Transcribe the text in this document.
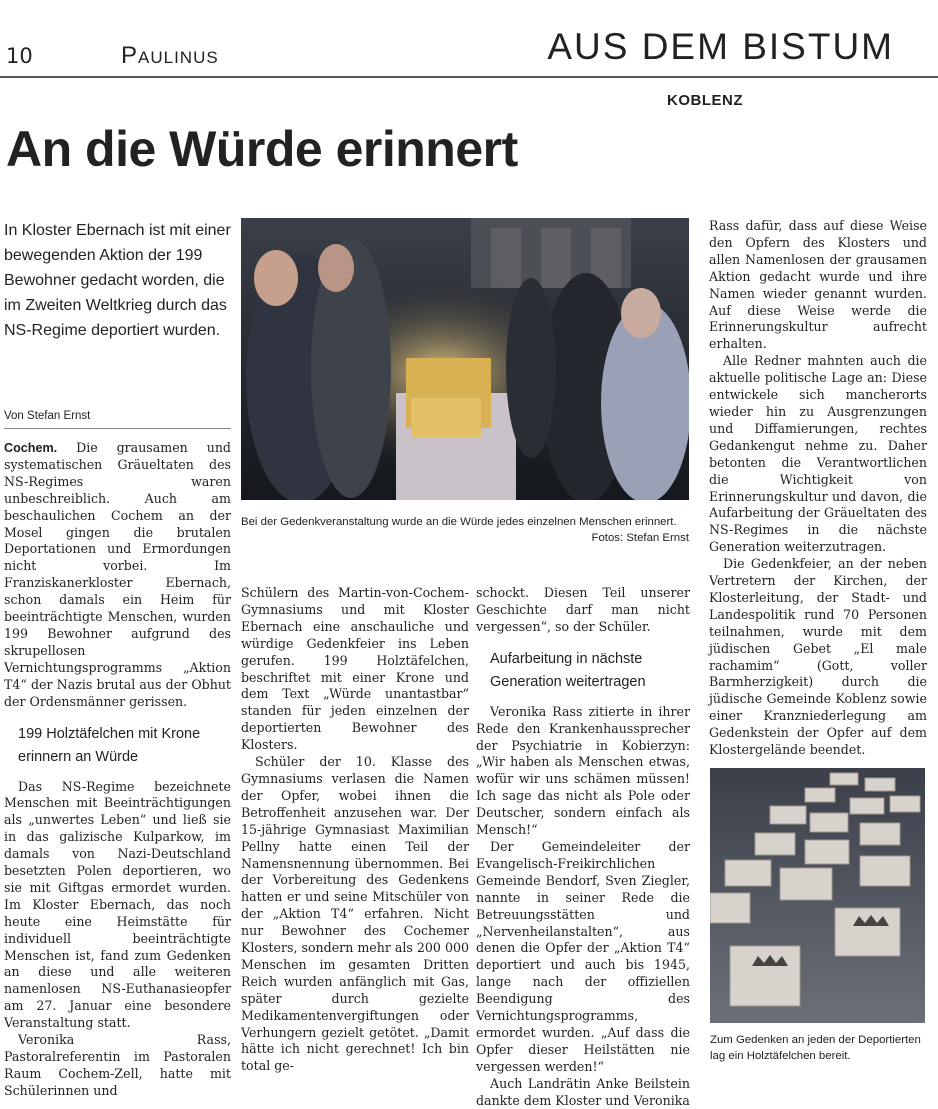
10	Paulinus	AUS DEM BISTUM
KOBLENZ
An die Würde erinnert
In Kloster Ebernach ist mit einer bewegenden Aktion der 199 Bewohner gedacht worden, die im Zweiten Weltkrieg durch das NS-Regime deportiert wurden.
Von Stefan Ernst
Bei der Gedenkveranstaltung wurde an die Würde jedes einzelnen Menschen erinnert.
Fotos: Stefan Ernst

Cochem. Die grausamen und systematischen Gräueltaten des NS-Regimes waren unbeschreiblich. Auch am beschaulichen Cochem an der Mosel gingen die brutalen Deportationen und Ermordungen nicht vorbei. Im Franziskanerkloster Ebernach, schon damals ein Heim für beeinträchtigte Menschen, wurden 199 Bewohner aufgrund des skrupellosen Vernichtungsprogramms „Aktion T4“ der Nazis brutal aus der Obhut der Ordensmänner gerissen.

199 Holztäfelchen mit Krone erinnern an Würde

Das NS-Regime bezeichnete Menschen mit Beeinträchtigungen als „unwertes Leben“ und ließ sie in das galizische Kulparkow, im damals von Nazi-Deutschland besetzten Polen deportieren, wo sie mit Giftgas ermordet wurden. Im Kloster Ebernach, das noch heute eine Heimstätte für individuell beeinträchtigte Menschen ist, fand zum Gedenken an diese und alle weiteren namenlosen NS-Euthanasieopfer am 27. Januar eine besondere Veranstaltung statt.

Veronika Rass, Pastoralreferentin im Pastoralen Raum Cochem-Zell, hatte mit Schülerinnen und

Schülern des Martin-von-Cochem-Gymnasiums und mit Kloster Ebernach eine anschauliche und würdige Gedenkfeier ins Leben gerufen. 199 Holztäfelchen, beschriftet mit einer Krone und dem Text „Würde unantastbar“ standen für jeden einzelnen der deportierten Bewohner des Klosters.

Schüler der 10. Klasse des Gymnasiums verlasen die Namen der Opfer, wobei ihnen die Betroffenheit anzusehen war. Der 15-jährige Gymnasiast Maximilian Pellny hatte einen Teil der Namensnennung übernommen. Bei der Vorbereitung des Gedenkens hatten er und seine Mitschüler von der „Aktion T4“ erfahren. Nicht nur Bewohner des Cochemer Klosters, sondern mehr als 200 000 Menschen im gesamten Dritten Reich wurden anfänglich mit Gas, später durch gezielte Medikamentenvergiftungen oder Verhungern gezielt getötet. „Damit hätte ich nicht gerechnet! Ich bin total ge-

schockt. Diesen Teil unserer Geschichte darf man nicht vergessen“, so der Schüler.

Aufarbeitung in nächste Generation weitertragen

Veronika Rass zitierte in ihrer Rede den Krankenhaussprecher der Psychiatrie in Kobierzyn: „Wir haben als Menschen etwas, wofür wir uns schämen müssen! Ich sage das nicht als Pole oder Deutscher, sondern einfach als Mensch!“

Der Gemeindeleiter der Evangelisch-Freikirchlichen Gemeinde Bendorf, Sven Ziegler, nannte in seiner Rede die Betreuungsstätten und „Nervenheilanstalten“, aus denen die Opfer der „Aktion T4“ deportiert und auch bis 1945, lange nach der offiziellen Beendigung des Vernichtungsprogramms, ermordet wurden. „Auf dass die Opfer dieser Heilstätten nie vergessen werden!“

Auch Landrätin Anke Beilstein dankte dem Kloster und Veronika

Rass dafür, dass auf diese Weise den Opfern des Klosters und allen Namenlosen der grausamen Aktion gedacht wurde und ihre Namen wieder genannt wurden. Auf diese Weise werde die Erinnerungskultur aufrecht erhalten.

Alle Redner mahnten auch die aktuelle politische Lage an: Diese entwickele sich mancherorts wieder hin zu Ausgrenzungen und Diffamierungen, rechtes Gedankengut nehme zu. Daher betonten die Verantwortlichen die Wichtigkeit von Erinnerungskultur und davon, die Aufarbeitung der Gräueltaten des NS-Regimes in die nächste Generation weiterzutragen.

Die Gedenkfeier, an der neben Vertretern der Kirchen, der Klosterleitung, der Stadt- und Landespolitik rund 70 Personen teilnahmen, wurde mit dem jüdischen Gebet „El male rachamim“ (Gott, voller Barmherzigkeit) durch die jüdische Gemeinde Koblenz sowie einer Kranzniederlegung am Gedenkstein der Opfer auf dem Klostergelände beendet.

Zum Gedenken an jeden der Deportierten lag ein Holztäfelchen bereit.
